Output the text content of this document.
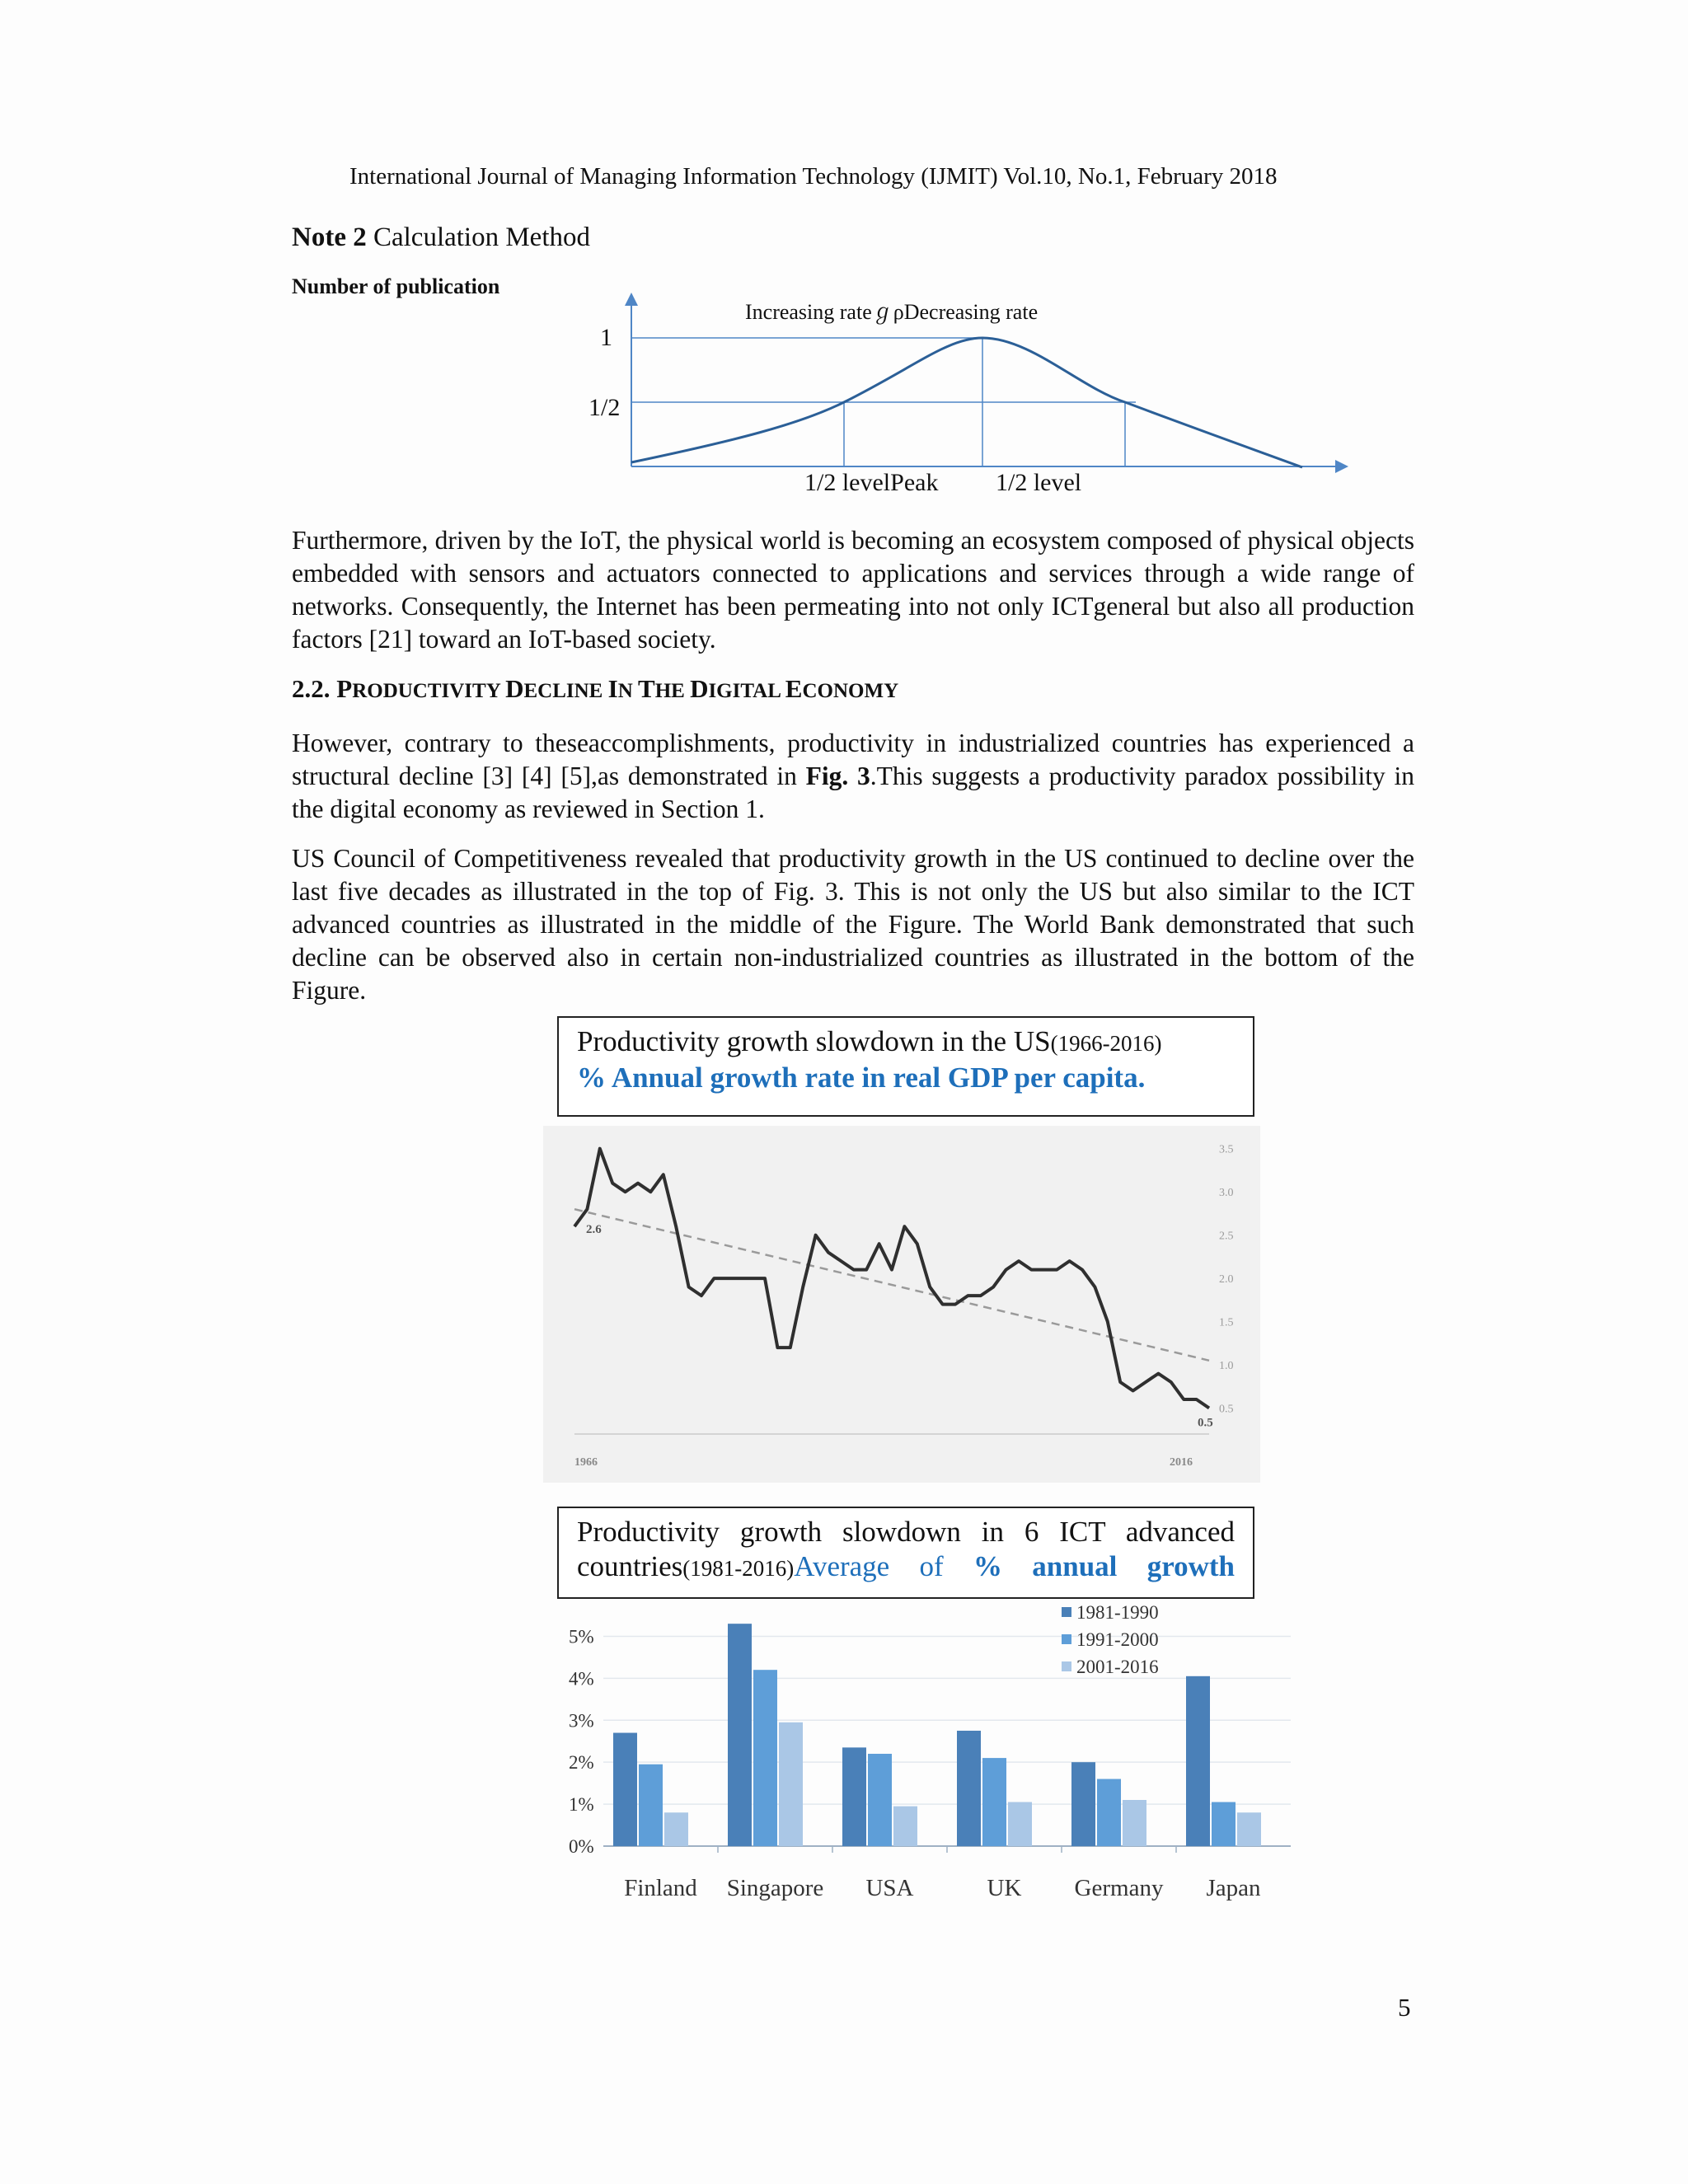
International Journal of Managing Information Technology (IJMIT) Vol.10, No.1, February 2018
Note 2 Calculation Method
Number of publication
Increasing rateℊρDecreasing rate
1
1/2
1/2 levelPeak 1/2 level
Furthermore, driven by the IoT, the physical world is becoming an ecosystem composed of physical objects embedded with sensors and actuators connected to applications and services through a wide range of networks. Consequently, the Internet has been permeating into not only ICTgeneral but also all production factors [21] toward an IoT-based society.
2.2. PRODUCTIVITY DECLINE IN THE DIGITAL ECONOMY
However, contrary to theseaccomplishments, productivity in industrialized countries has experienced a structural decline [3] [4] [5],as demonstrated in Fig. 3.This suggests a productivity paradox possibility in the digital economy as reviewed in Section 1.
US Council of Competitiveness revealed that productivity growth in the US continued to decline over the last five decades as illustrated in the top of Fig. 3. This is not only the US but also similar to the ICT advanced countries as illustrated in the middle of the Figure. The World Bank demonstrated that such decline can be observed also in certain non-industrialized countries as illustrated in the bottom of the Figure.
Productivity growth slowdown in the US(1966-2016)
% Annual growth rate in real GDP per capita.
3.5
3.0
2.5
2.0
1.5
1.0
0.5
2.6
0.5
1966	2016
Productivity growth slowdown in 6 ICT advanced
countries(1981-2016)Average of % annual growth
0%
1%
2%
3%
4%
5%
Finland Singapore USA	UK Germany Japan
1981-1990
1991-2000
2001-2016
5
